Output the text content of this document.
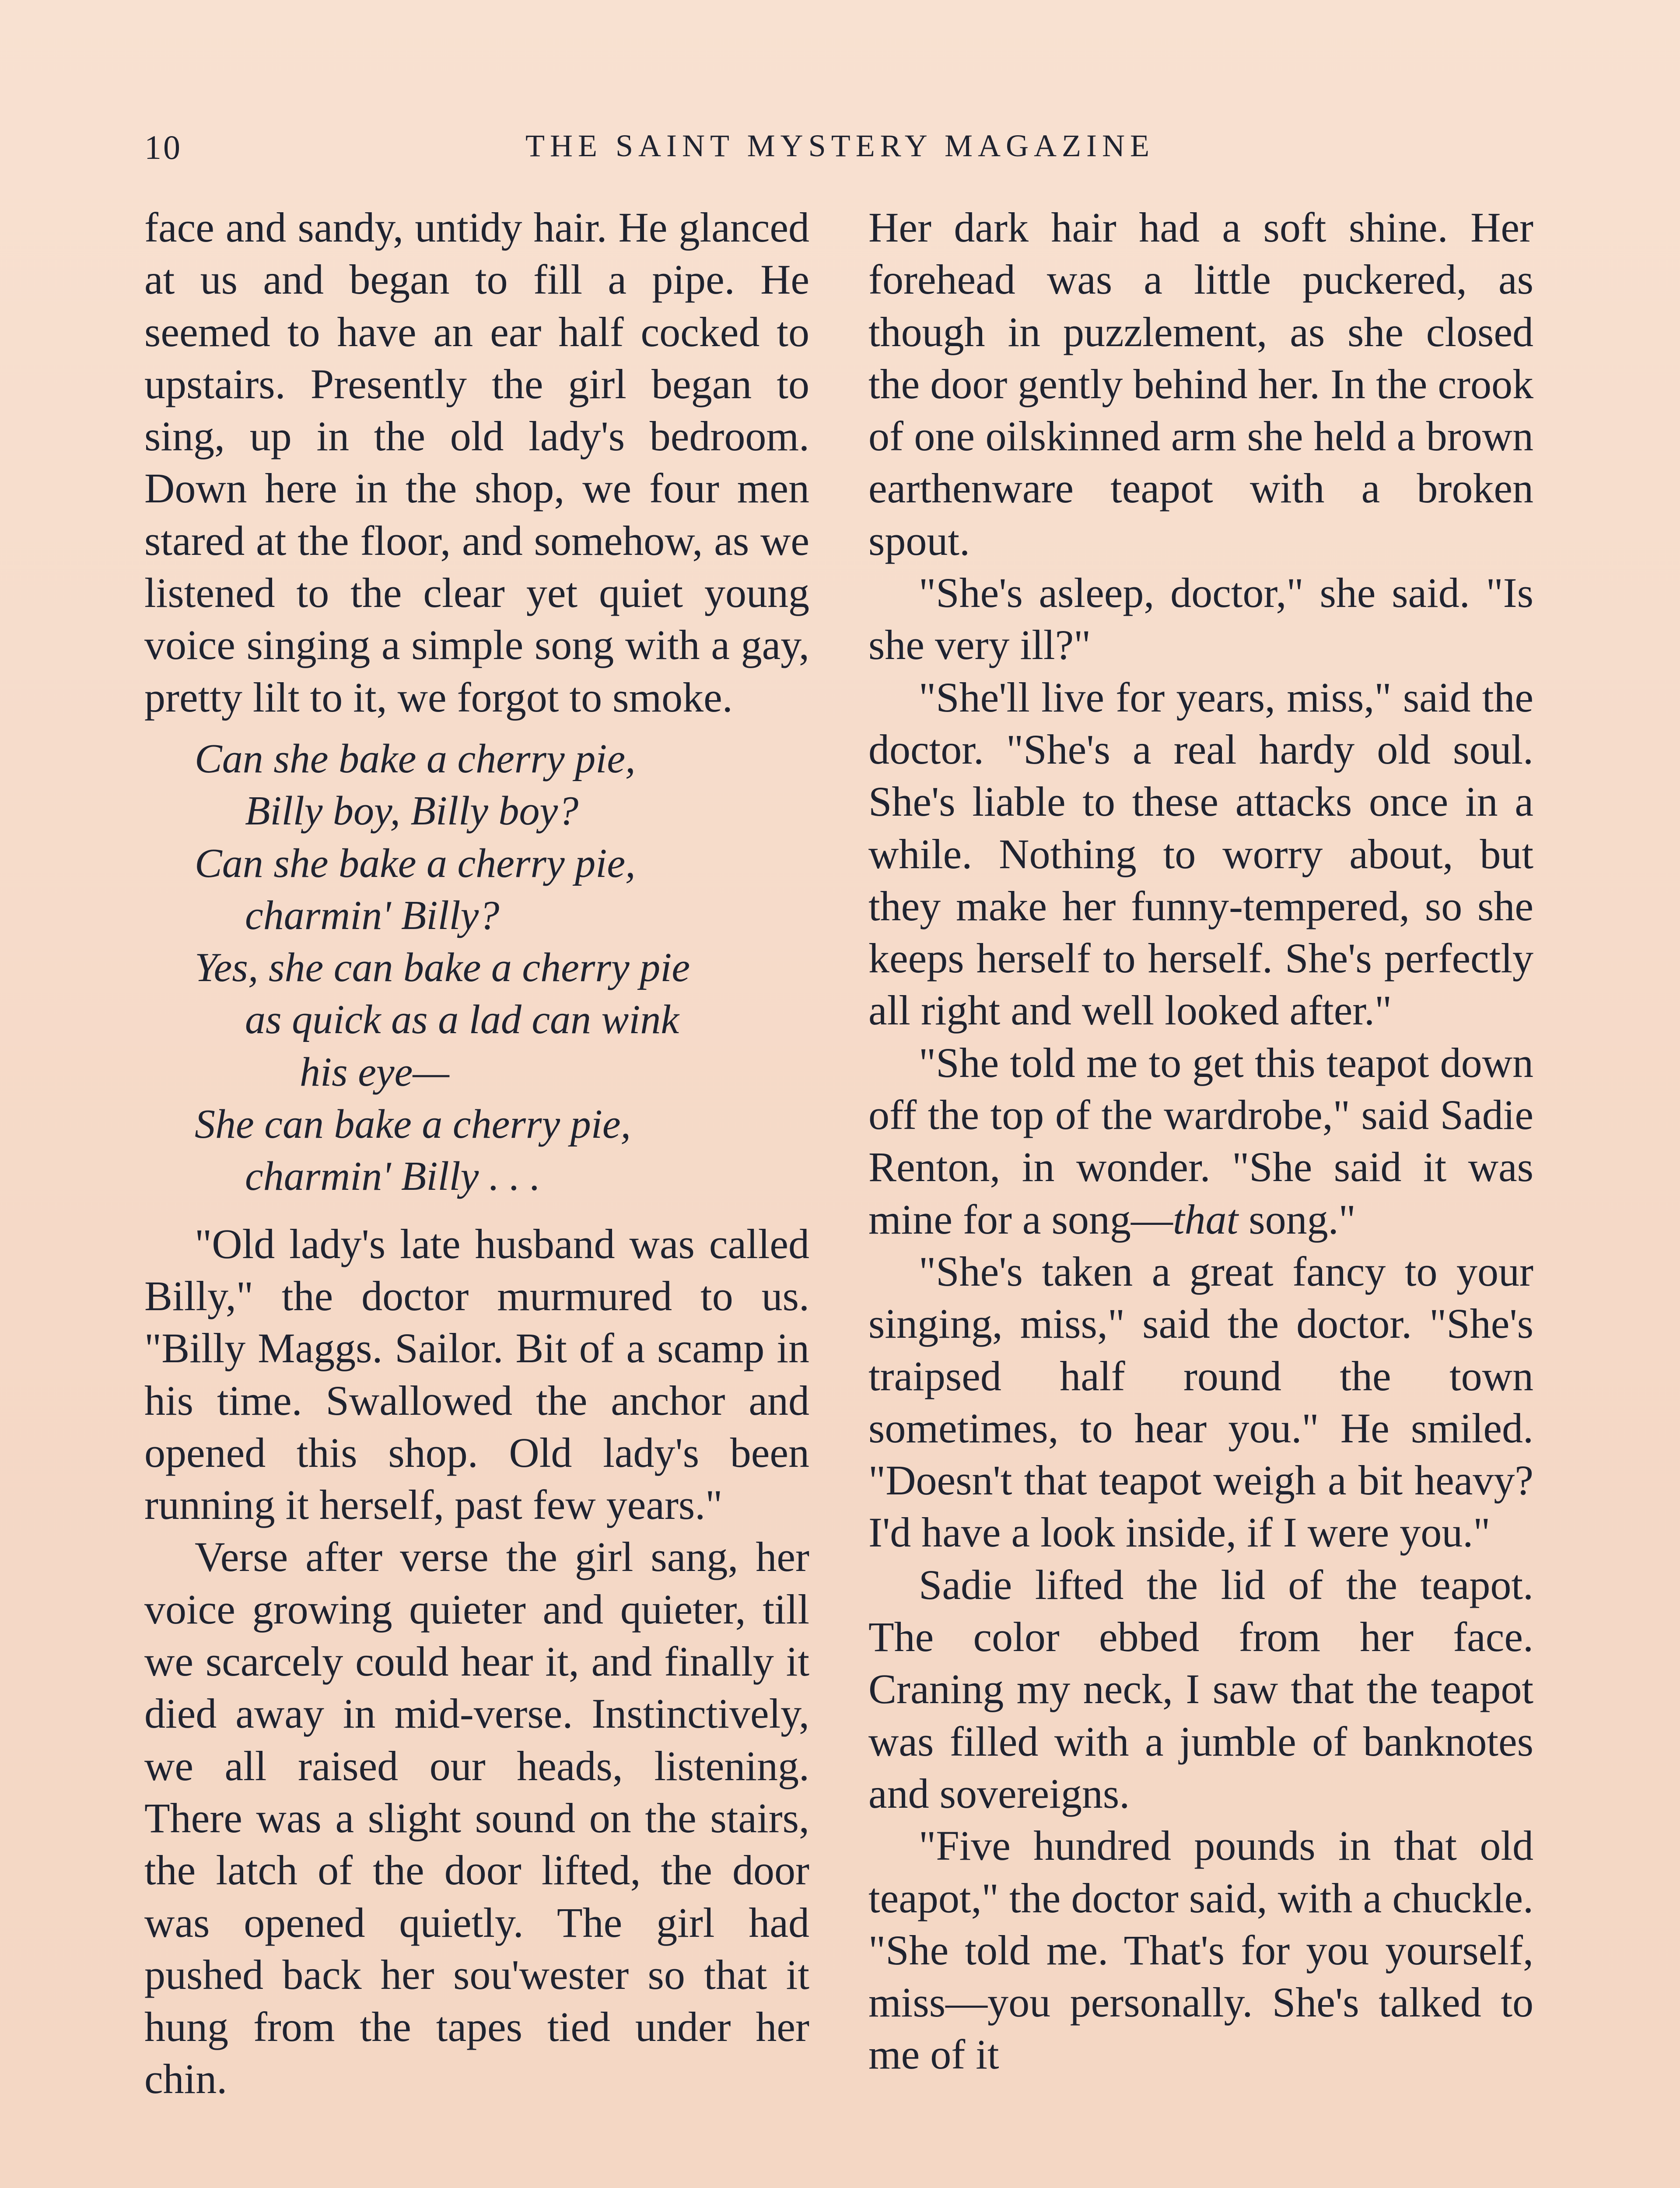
10	THE SAINT MYSTERY MAGAZINE

face and sandy, untidy hair. He glanced at us and began to fill a pipe. He seemed to have an ear half cocked to upstairs. Presently the girl began to sing, up in the old lady's bedroom. Down here in the shop, we four men stared at the floor, and somehow, as we listened to the clear yet quiet young voice singing a simple song with a gay, pretty lilt to it, we forgot to smoke.

Can she bake a cherry pie,
Billy boy, Billy boy?
Can she bake a cherry pie,
charmin' Billy?
Yes, she can bake a cherry pie
as quick as a lad can wink
his eye—
She can bake a cherry pie,
charmin' Billy . . .

"Old lady's late husband was called Billy," the doctor murmured to us. "Billy Maggs. Sailor. Bit of a scamp in his time. Swallowed the anchor and opened this shop. Old lady's been running it herself, past few years."

Verse after verse the girl sang, her voice growing quieter and quieter, till we scarcely could hear it, and finally it died away in mid-verse. Instinctively, we all raised our heads, listening. There was a slight sound on the stairs, the latch of the door lifted, the door was opened quietly. The girl had pushed back her sou'wester so that it hung from the tapes tied under her chin.

Her dark hair had a soft shine. Her forehead was a little puckered, as though in puzzlement, as she closed the door gently behind her. In the crook of one oilskinned arm she held a brown earthenware teapot with a broken spout.

"She's asleep, doctor," she said. "Is she very ill?"

"She'll live for years, miss," said the doctor. "She's a real hardy old soul. She's liable to these attacks once in a while. Nothing to worry about, but they make her funny-tempered, so she keeps herself to herself. She's perfectly all right and well looked after."

"She told me to get this teapot down off the top of the wardrobe," said Sadie Renton, in wonder. "She said it was mine for a song—that song."

"She's taken a great fancy to your singing, miss," said the doctor. "She's traipsed half round the town sometimes, to hear you." He smiled. "Doesn't that teapot weigh a bit heavy? I'd have a look inside, if I were you."

Sadie lifted the lid of the teapot. The color ebbed from her face. Craning my neck, I saw that the teapot was filled with a jumble of banknotes and sovereigns.

"Five hundred pounds in that old teapot," the doctor said, with a chuckle. "She told me. That's for you yourself, miss—you personally. She's talked to me of it
